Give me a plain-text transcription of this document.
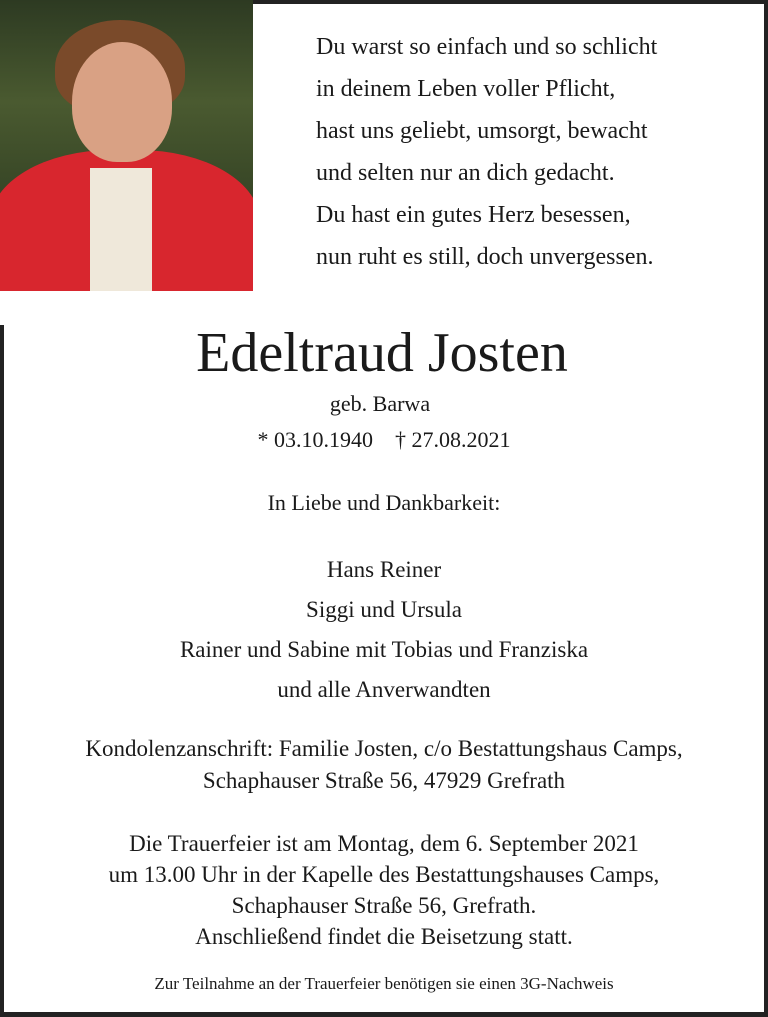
Du warst so einfach und so schlicht
in deinem Leben voller Pflicht,
hast uns geliebt, umsorgt, bewacht
und selten nur an dich gedacht.
Du hast ein gutes Herz besessen,
nun ruht es still, doch unvergessen.
Edeltraud Josten
geb. Barwa
* 03.10.1940    † 27.08.2021
In Liebe und Dankbarkeit:
Hans Reiner
Siggi und Ursula
Rainer und Sabine mit Tobias und Franziska
und alle Anverwandten
Kondolenzanschrift: Familie Josten, c/o Bestattungshaus Camps,
Schaphauser Straße 56, 47929 Grefrath
Die Trauerfeier ist am Montag, dem 6. September 2021
um 13.00 Uhr in der Kapelle des Bestattungshauses Camps,
Schaphauser Straße 56, Grefrath.
Anschließend findet die Beisetzung statt.
Zur Teilnahme an der Trauerfeier benötigen sie einen 3G-Nachweis
